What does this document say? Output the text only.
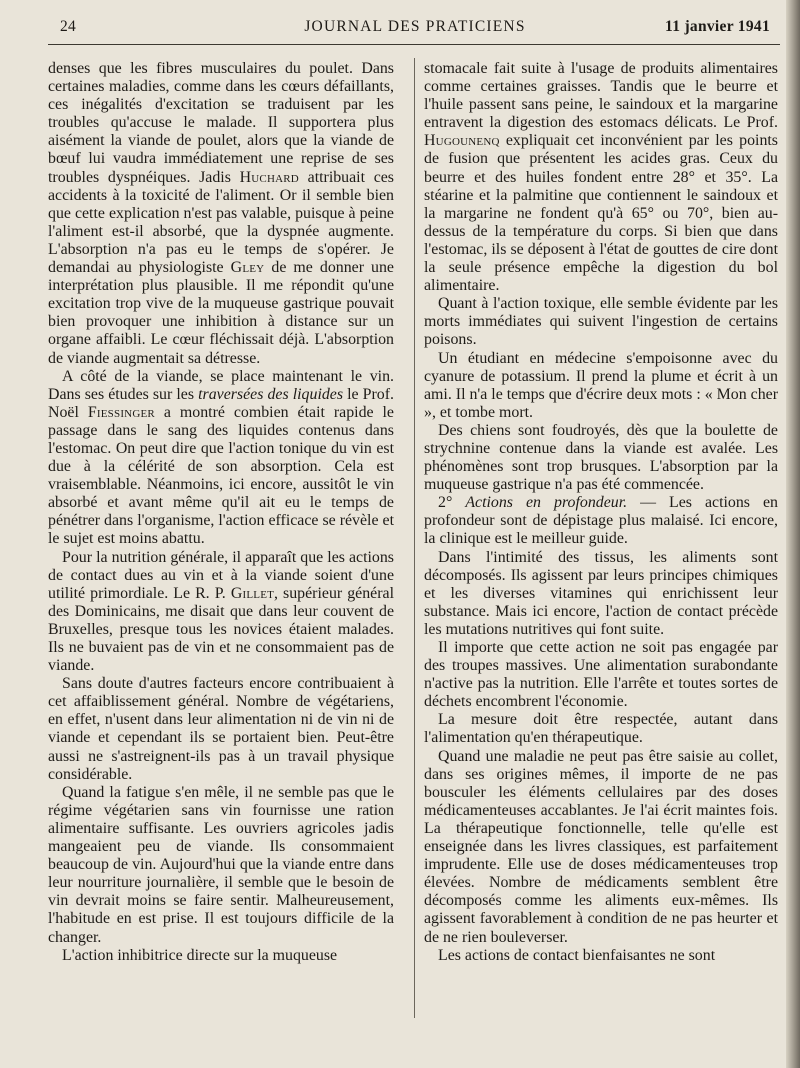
24	JOURNAL DES PRATICIENS	11 janvier 1941

denses que les fibres musculaires du poulet. Dans certaines maladies, comme dans les cœurs défaillants, ces inégalités d'excitation se traduisent par les troubles qu'accuse le malade. Il supportera plus aisément la viande de poulet, alors que la viande de bœuf lui vaudra immédiatement une reprise de ses troubles dyspnéiques. Jadis Huchard attribuait ces accidents à la toxicité de l'aliment. Or il semble bien que cette explication n'est pas valable, puisque à peine l'aliment est-il absorbé, que la dyspnée augmente. L'absorption n'a pas eu le temps de s'opérer. Je demandai au physiologiste Gley de me donner une interprétation plus plausible. Il me répondit qu'une excitation trop vive de la muqueuse gastrique pouvait bien provoquer une inhibition à distance sur un organe affaibli. Le cœur fléchissait déjà. L'absorption de viande augmentait sa détresse.

A côté de la viande, se place maintenant le vin. Dans ses études sur les traversées des liquides le Prof. Noël Fiessinger a montré combien était rapide le passage dans le sang des liquides contenus dans l'estomac. On peut dire que l'action tonique du vin est due à la célérité de son absorption. Cela est vraisemblable. Néanmoins, ici encore, aussitôt le vin absorbé et avant même qu'il ait eu le temps de pénétrer dans l'organisme, l'action efficace se révèle et le sujet est moins abattu.

Pour la nutrition générale, il apparaît que les actions de contact dues au vin et à la viande soient d'une utilité primordiale. Le R. P. Gillet, supérieur général des Dominicains, me disait que dans leur couvent de Bruxelles, presque tous les novices étaient malades. Ils ne buvaient pas de vin et ne consommaient pas de viande.

Sans doute d'autres facteurs encore contribuaient à cet affaiblissement général. Nombre de végétariens, en effet, n'usent dans leur alimentation ni de vin ni de viande et cependant ils se portaient bien. Peut-être aussi ne s'astreignent-ils pas à un travail physique considérable.

Quand la fatigue s'en mêle, il ne semble pas que le régime végétarien sans vin fournisse une ration alimentaire suffisante. Les ouvriers agricoles jadis mangeaient peu de viande. Ils consommaient beaucoup de vin. Aujourd'hui que la viande entre dans leur nourriture journalière, il semble que le besoin de vin devrait moins se faire sentir. Malheureusement, l'habitude en est prise. Il est toujours difficile de la changer.

L'action inhibitrice directe sur la muqueuse

stomacale fait suite à l'usage de produits alimentaires comme certaines graisses. Tandis que le beurre et l'huile passent sans peine, le saindoux et la margarine entravent la digestion des estomacs délicats. Le Prof. Hugounenq expliquait cet inconvénient par les points de fusion que présentent les acides gras. Ceux du beurre et des huiles fondent entre 28° et 35°. La stéarine et la palmitine que contiennent le saindoux et la margarine ne fondent qu'à 65° ou 70°, bien au-dessus de la température du corps. Si bien que dans l'estomac, ils se déposent à l'état de gouttes de cire dont la seule présence empêche la digestion du bol alimentaire.

Quant à l'action toxique, elle semble évidente par les morts immédiates qui suivent l'ingestion de certains poisons.

Un étudiant en médecine s'empoisonne avec du cyanure de potassium. Il prend la plume et écrit à un ami. Il n'a le temps que d'écrire deux mots : « Mon cher », et tombe mort.

Des chiens sont foudroyés, dès que la boulette de strychnine contenue dans la viande est avalée. Les phénomènes sont trop brusques. L'absorption par la muqueuse gastrique n'a pas été commencée.

2° Actions en profondeur. — Les actions en profondeur sont de dépistage plus malaisé. Ici encore, la clinique est le meilleur guide.

Dans l'intimité des tissus, les aliments sont décomposés. Ils agissent par leurs principes chimiques et les diverses vitamines qui enrichissent leur substance. Mais ici encore, l'action de contact précède les mutations nutritives qui font suite.

Il importe que cette action ne soit pas engagée par des troupes massives. Une alimentation surabondante n'active pas la nutrition. Elle l'arrête et toutes sortes de déchets encombrent l'économie.

La mesure doit être respectée, autant dans l'alimentation qu'en thérapeutique.

Quand une maladie ne peut pas être saisie au collet, dans ses origines mêmes, il importe de ne pas bousculer les éléments cellulaires par des doses médicamenteuses accablantes. Je l'ai écrit maintes fois. La thérapeutique fonctionnelle, telle qu'elle est enseignée dans les livres classiques, est parfaitement imprudente. Elle use de doses médicamenteuses trop élevées. Nombre de médicaments semblent être décomposés comme les aliments eux-mêmes. Ils agissent favorablement à condition de ne pas heurter et de ne rien bouleverser.

Les actions de contact bienfaisantes ne sont
